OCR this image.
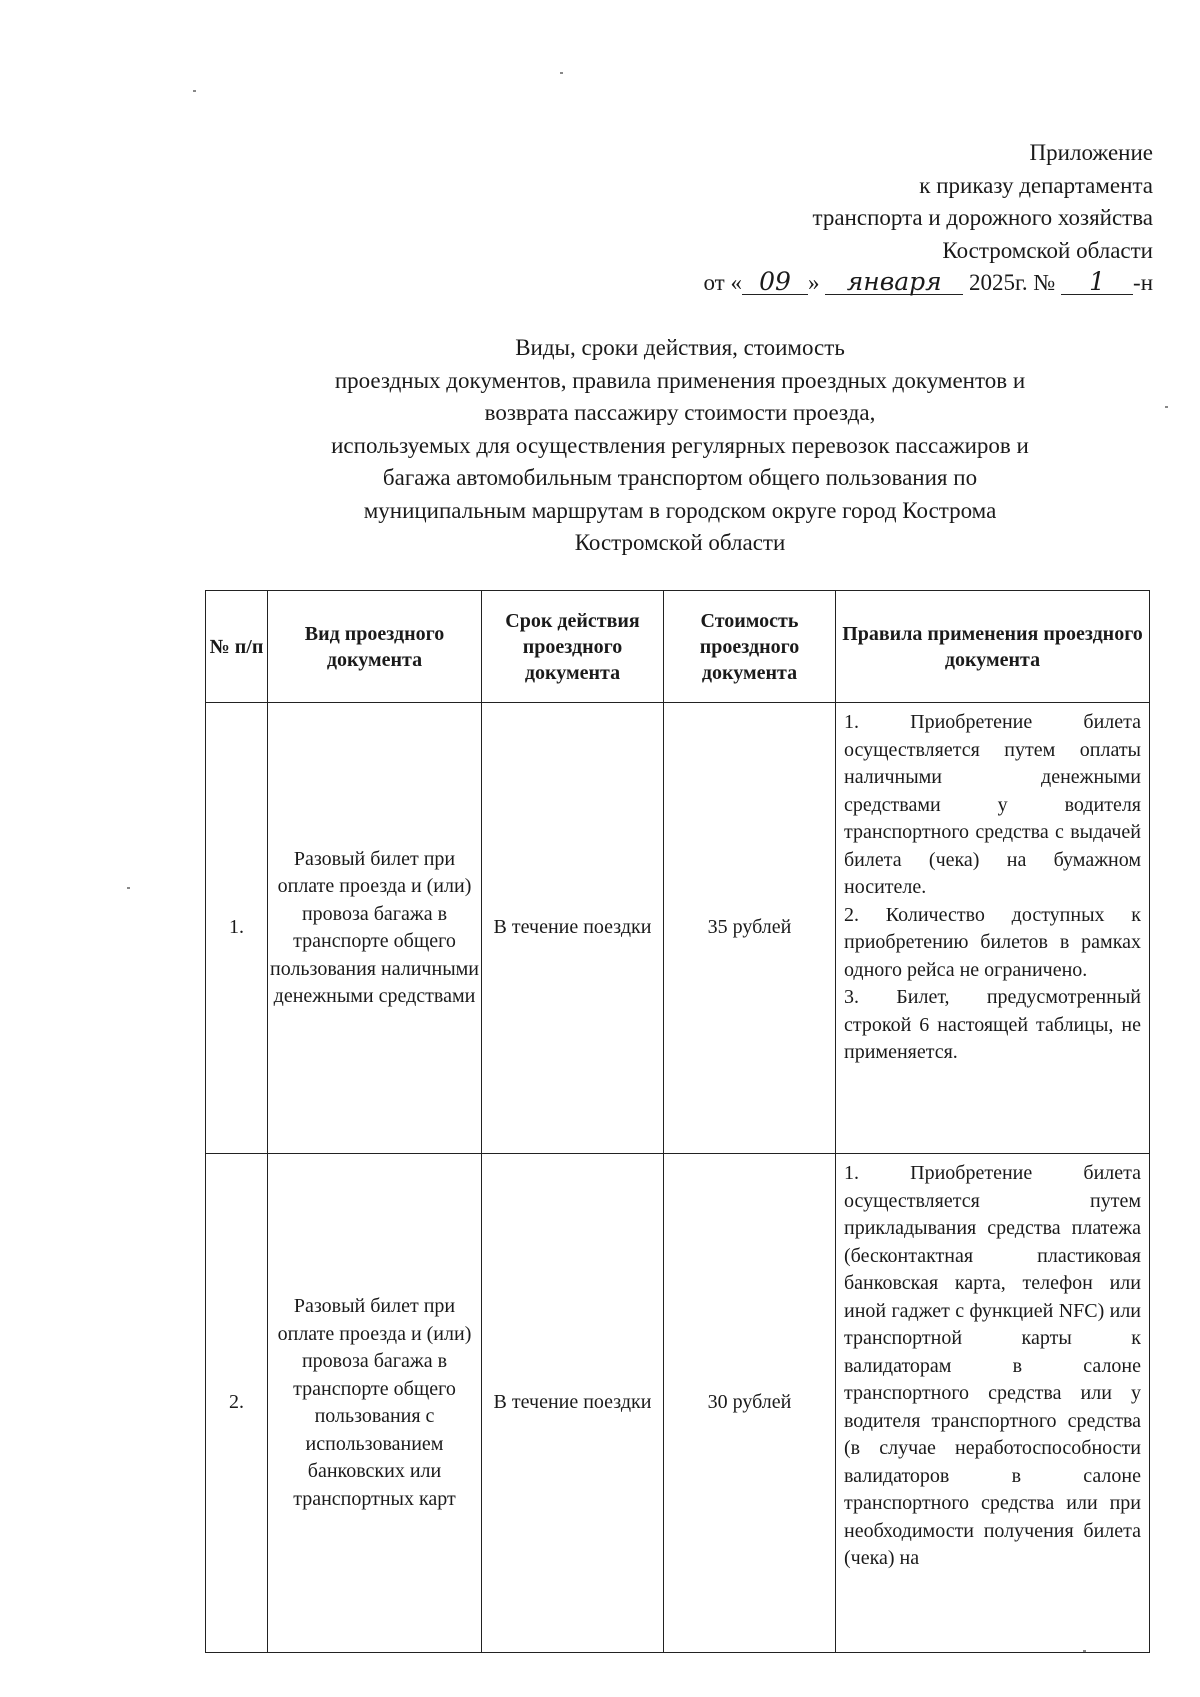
Приложение
к приказу департамента
транспорта и дорожного хозяйства
Костромской области
от « 09 » января 2025г. № 1 -н
Виды, сроки действия, стоимость
проездных документов, правила применения проездных документов и
возврата пассажиру стоимости проезда,
используемых для осуществления регулярных перевозок пассажиров и
багажа автомобильным транспортом общего пользования по
муниципальным маршрутам в городском округе город Кострома
Костромской области
№ п/п	Вид проездного документа	Срок действия проездного документа	Стоимость проездного документа	Правила применения проездного документа
1.	Разовый билет при оплате проезда и (или) провоза багажа в транспорте общего пользования наличными денежными средствами	В течение поездки	35 рублей	1. Приобретение билета осуществляется путем оплаты наличными денежными средствами у водителя транспортного средства с выдачей билета (чека) на бумажном носителе.

2. Количество доступных к приобретению билетов в рамках одного рейса не ограничено.

3. Билет, предусмотренный строкой 6 настоящей таблицы, не применяется.

2.	Разовый билет при оплате проезда и (или) провоза багажа в транспорте общего пользования с использованием банковских или транспортных карт	В течение поездки	30 рублей	1. Приобретение билета осуществляется путем прикладывания средства платежа (бесконтактная пластиковая банковская карта, телефон или иной гаджет с функцией NFC) или транспортной карты к валидаторам в салоне транспортного средства или у водителя транспортного средства (в случае неработоспособности валидаторов в салоне транспортного средства или при необходимости получения билета (чека) на
